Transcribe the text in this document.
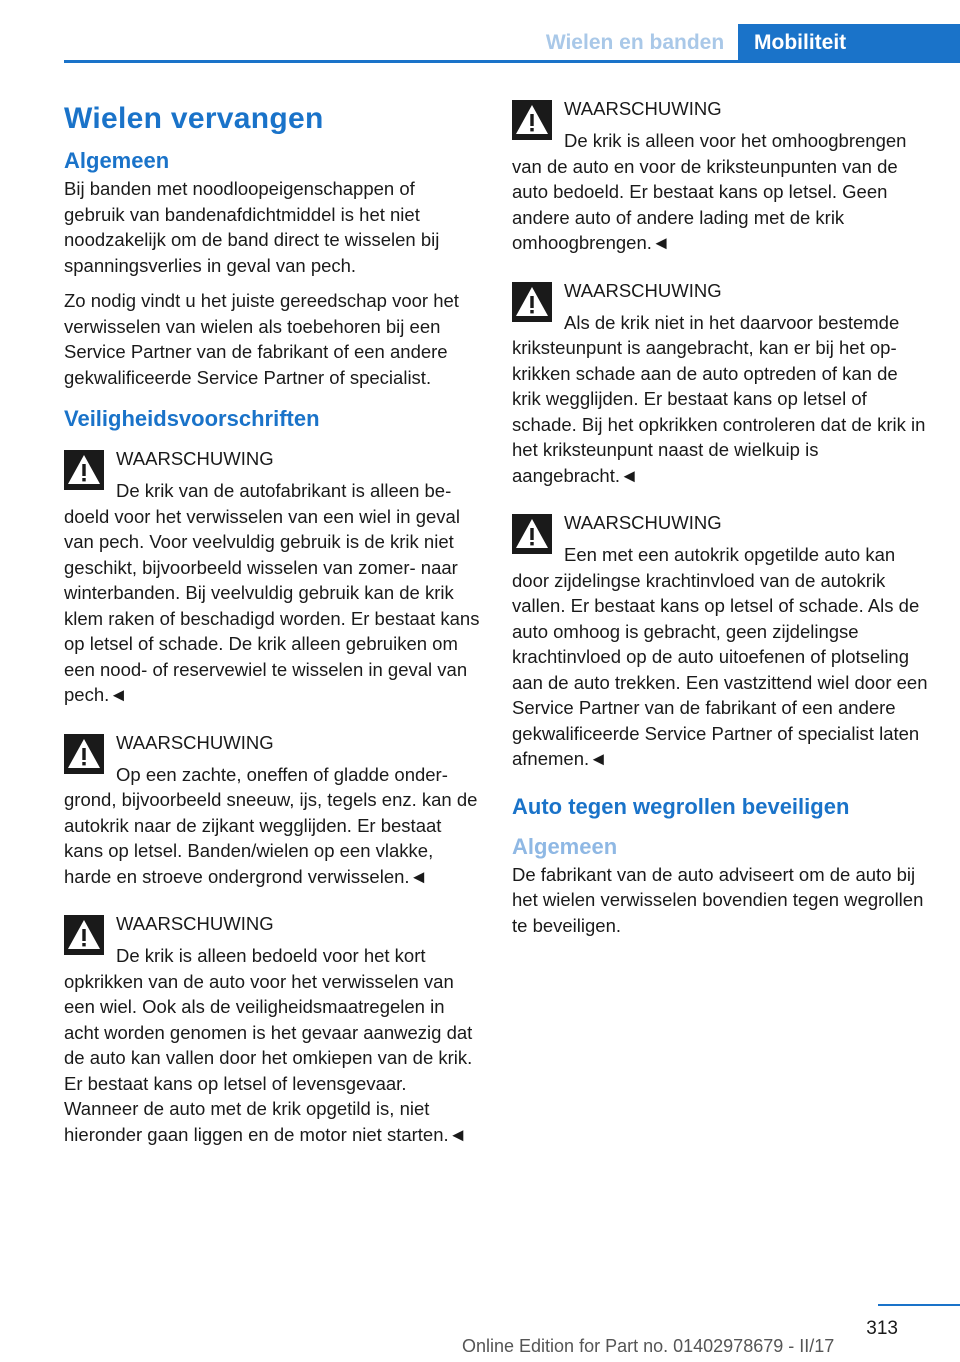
Wielen en banden	Mobiliteit
Wielen vervangen
Algemeen

Bij banden met noodloopeigenschappen of gebruik van bandenafdichtmiddel is het niet noodzakelijk om de band direct te wisselen bij spanningsverlies in geval van pech.

Zo nodig vindt u het juiste gereedschap voor het verwisselen van wielen als toebehoren bij een Service Partner van de fabrikant of een andere gekwalificeerde Service Partner of specialist.

Veiligheidsvoorschriften
WAARSCHUWING

De krik van de autofabrikant is alleen bedoeld voor het verwisselen van een wiel in geval van pech. Voor veelvuldig gebruik is de krik niet geschikt, bijvoorbeeld wisselen van zomer- naar winterbanden. Bij veelvuldig gebruik kan de krik klem raken of beschadigd worden. Er bestaat kans op letsel of schade. De krik alleen gebruiken om een nood- of reservewiel te wisselen in geval van pech.◄

WAARSCHUWING

Op een zachte, oneffen of gladde ondergrond, bijvoorbeeld sneeuw, ijs, tegels enz. kan de autokrik naar de zijkant wegglijden. Er bestaat kans op letsel. Banden/wielen op een vlakke, harde en stroeve ondergrond verwisselen.◄

WAARSCHUWING

De krik is alleen bedoeld voor het kort opkrikken van de auto voor het verwisselen van een wiel. Ook als de veiligheidsmaatregelen in acht worden genomen is het gevaar aanwezig dat de auto kan vallen door het omkiepen van de krik. Er bestaat kans op letsel of levensgevaar. Wanneer de auto met de krik opgetild is, niet hieronder gaan liggen en de motor niet starten.◄

WAARSCHUWING

De krik is alleen voor het omhoogbrengen van de auto en voor de kriksteunpunten van de auto bedoeld. Er bestaat kans op letsel. Geen andere auto of andere lading met de krik omhoogbrengen.◄

WAARSCHUWING

Als de krik niet in het daarvoor bestemde kriksteunpunt is aangebracht, kan er bij het opkrikken schade aan de auto optreden of kan de krik wegglijden. Er bestaat kans op letsel of schade. Bij het opkrikken controleren dat de krik in het kriksteunpunt naast de wielkuip is aangebracht.◄

WAARSCHUWING

Een met een autokrik opgetilde auto kan door zijdelingse krachtinvloed van de autokrik vallen. Er bestaat kans op letsel of schade. Als de auto omhoog is gebracht, geen zijdelingse krachtinvloed op de auto uitoefenen of plotseling aan de auto trekken. Een vastzittend wiel door een Service Partner van de fabrikant of een andere gekwalificeerde Service Partner of specialist laten afnemen.◄

Auto tegen wegrollen beveiligen
Algemeen

De fabrikant van de auto adviseert om de auto bij het wielen verwisselen bovendien tegen wegrollen te beveiligen.

313
Online Edition for Part no. 01402978679 - II/17
